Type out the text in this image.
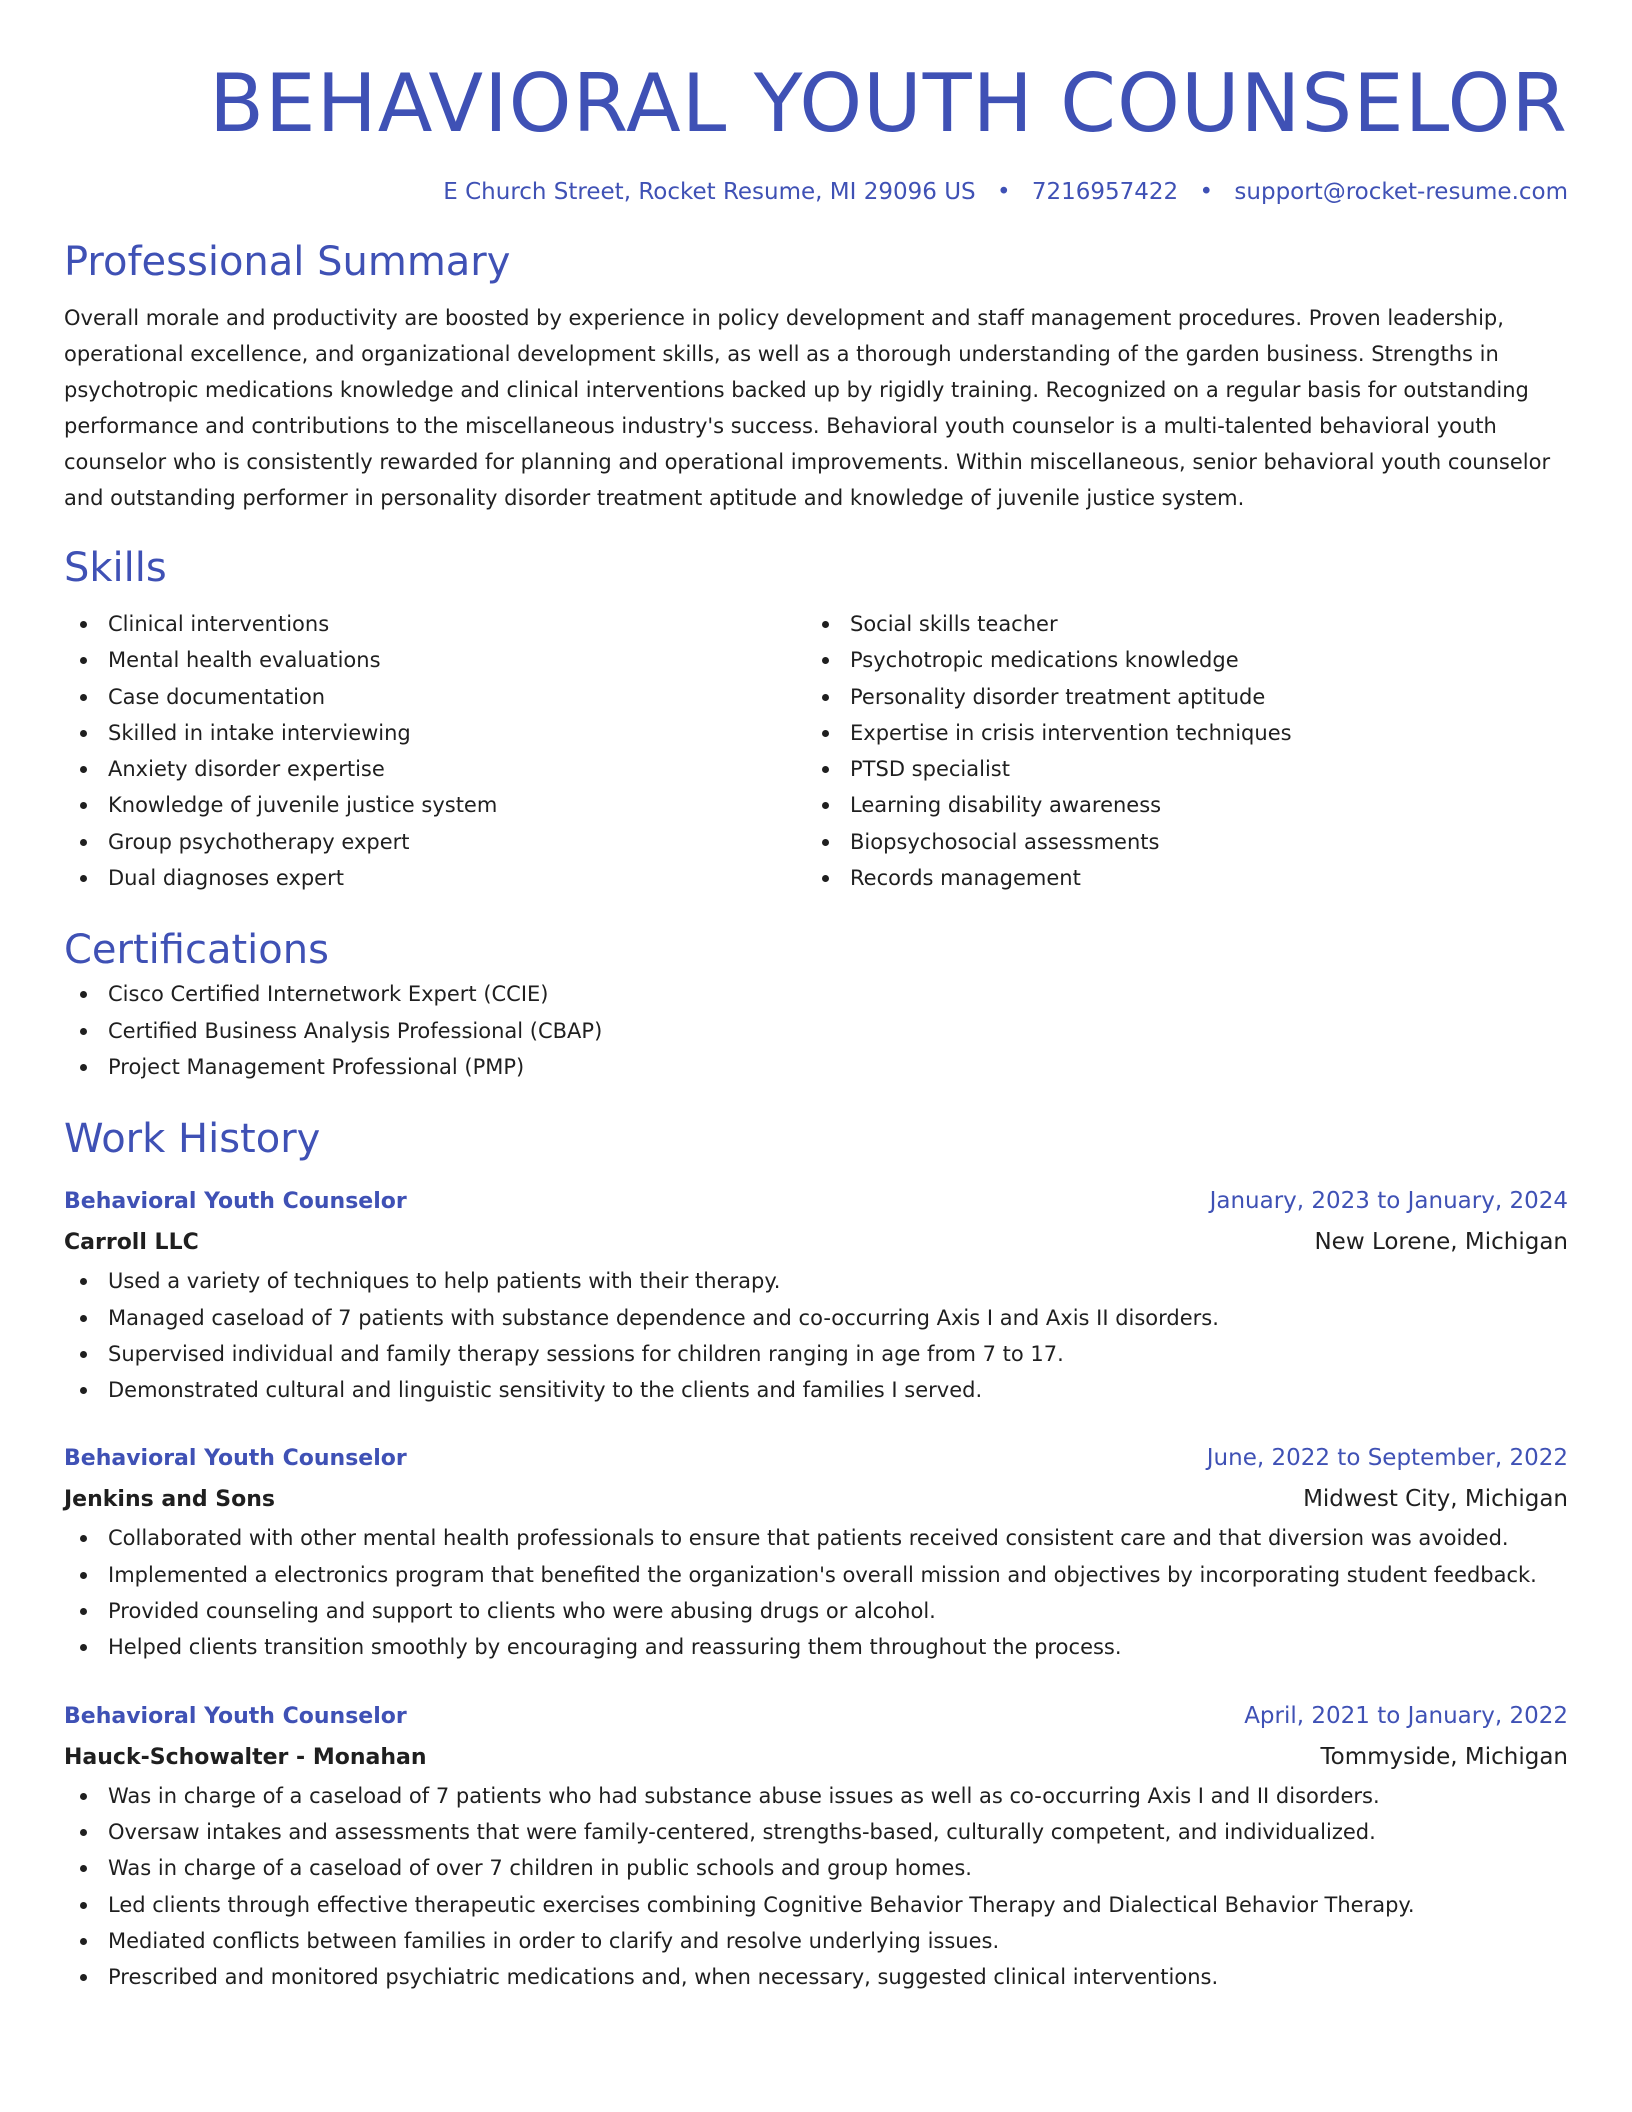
BEHAVIORAL YOUTH COUNSELOR
E Church Street, Rocket Resume, MI 29096 US • 7216957422 • support@rocket-resume.com
Professional Summary

Overall morale and productivity are boosted by experience in policy development and staff management procedures. Proven leadership, operational excellence, and organizational development skills, as well as a thorough understanding of the garden business. Strengths in psychotropic medications knowledge and clinical interventions backed up by rigidly training. Recognized on a regular basis for outstanding performance and contributions to the miscellaneous industry's success. Behavioral youth counselor is a multi-talented behavioral youth counselor who is consistently rewarded for planning and operational improvements. Within miscellaneous, senior behavioral youth counselor and outstanding performer in personality disorder treatment aptitude and knowledge of juvenile justice system.

Skills
Clinical interventions
Mental health evaluations
Case documentation
Skilled in intake interviewing
Anxiety disorder expertise
Knowledge of juvenile justice system
Group psychotherapy expert
Dual diagnoses expert
Social skills teacher
Psychotropic medications knowledge
Personality disorder treatment aptitude
Expertise in crisis intervention techniques
PTSD specialist
Learning disability awareness
Biopsychosocial assessments
Records management
Certifications
Cisco Certified Internetwork Expert (CCIE)
Certified Business Analysis Professional (CBAP)
Project Management Professional (PMP)
Work History
Behavioral Youth Counselor	January, 2023 to January, 2024
Carroll LLC	New Lorene, Michigan
Used a variety of techniques to help patients with their therapy.
Managed caseload of 7 patients with substance dependence and co-occurring Axis I and Axis II disorders.
Supervised individual and family therapy sessions for children ranging in age from 7 to 17.
Demonstrated cultural and linguistic sensitivity to the clients and families I served.
Behavioral Youth Counselor	June, 2022 to September, 2022
Jenkins and Sons	Midwest City, Michigan
Collaborated with other mental health professionals to ensure that patients received consistent care and that diversion was avoided.
Implemented a electronics program that benefited the organization's overall mission and objectives by incorporating student feedback.
Provided counseling and support to clients who were abusing drugs or alcohol.
Helped clients transition smoothly by encouraging and reassuring them throughout the process.
Behavioral Youth Counselor	April, 2021 to January, 2022
Hauck-Schowalter - Monahan	Tommyside, Michigan
Was in charge of a caseload of 7 patients who had substance abuse issues as well as co-occurring Axis I and II disorders.
Oversaw intakes and assessments that were family-centered, strengths-based, culturally competent, and individualized.
Was in charge of a caseload of over 7 children in public schools and group homes.
Led clients through effective therapeutic exercises combining Cognitive Behavior Therapy and Dialectical Behavior Therapy.
Mediated conflicts between families in order to clarify and resolve underlying issues.
Prescribed and monitored psychiatric medications and, when necessary, suggested clinical interventions.
